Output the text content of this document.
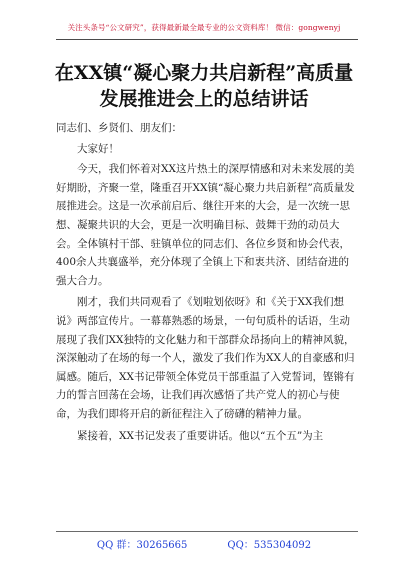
关注头条号“公文研究”，获得最新最全最专业的公文资料库！ 微信：gongwenyj
在XX镇“凝心聚力共启新程”高质量发展推进会上的总结讲话

同志们、乡贤们、朋友们：

大家好！

今天，我们怀着对XX这片热土的深厚情感和对未来发展的美好期盼，齐聚一堂，隆重召开XX镇“凝心聚力共启新程”高质量发展推进会。这是一次承前启后、继往开来的大会，是一次统一思想、凝聚共识的大会，更是一次明确目标、鼓舞干劲的动员大会。全体镇村干部、驻镇单位的同志们、各位乡贤和协会代表，400余人共襄盛举，充分体现了全镇上下和衷共济、团结奋进的强大合力。

刚才，我们共同观看了《划啦划依呀》和《关于XX我们想说》两部宣传片。一幕幕熟悉的场景，一句句质朴的话语，生动展现了我们XX独特的文化魅力和干部群众昂扬向上的精神风貌，深深触动了在场的每一个人，激发了我们作为XX人的自豪感和归属感。随后，XX书记带领全体党员干部重温了入党誓词，铿锵有力的誓言回荡在会场，让我们再次感悟了共产党人的初心与使命，为我们即将开启的新征程注入了磅礴的精神力量。

紧接着，XX书记发表了重要讲话。他以“五个五”为主

QQ 群：30265665	QQ：535304092
